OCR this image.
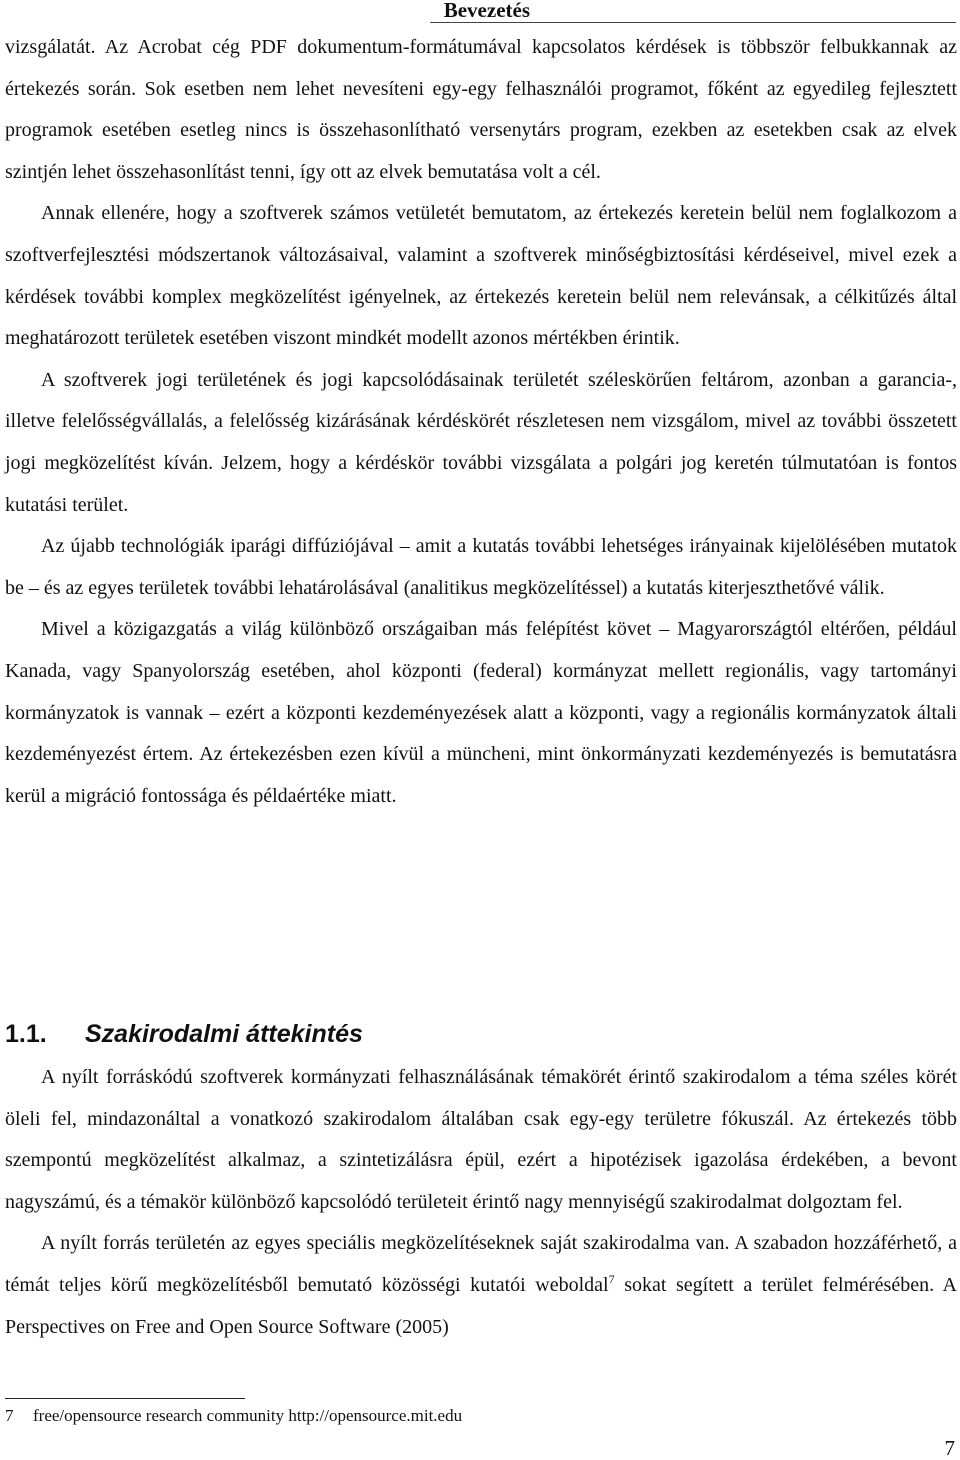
Bevezetés

vizsgálatát. Az Acrobat cég PDF dokumentum-formátumával kapcsolatos kérdések is többször felbukkannak az értekezés során. Sok esetben nem lehet nevesíteni egy-egy felhasználói programot, főként az egyedileg fejlesztett programok esetében esetleg nincs is összehasonlítható versenytárs program, ezekben az esetekben csak az elvek szintjén lehet összehasonlítást tenni, így ott az elvek bemutatása volt a cél.

Annak ellenére, hogy a szoftverek számos vetületét bemutatom, az értekezés keretein belül nem foglalkozom a szoftverfejlesztési módszertanok változásaival, valamint a szoftverek minőségbiztosítási kérdéseivel, mivel ezek a kérdések további komplex megközelítést igényelnek, az értekezés keretein belül nem relevánsak, a célkitűzés által meghatározott területek esetében viszont mindkét modellt azonos mértékben érintik.

A szoftverek jogi területének és jogi kapcsolódásainak területét széleskörűen feltárom, azonban a garancia-, illetve felelősségvállalás, a felelősség kizárásának kérdéskörét részletesen nem vizsgálom, mivel az további összetett jogi megközelítést kíván. Jelzem, hogy a kérdéskör további vizsgálata a polgári jog keretén túlmutatóan is fontos kutatási terület.

Az újabb technológiák iparági diffúziójával – amit a kutatás további lehetséges irányainak kijelölésében mutatok be – és az egyes területek további lehatárolásával (analitikus megközelítéssel) a kutatás kiterjeszthetővé válik.

Mivel a közigazgatás a világ különböző országaiban más felépítést követ – Magyarországtól eltérően, például Kanada, vagy Spanyolország esetében, ahol központi (federal) kormányzat mellett regionális, vagy tartományi kormányzatok is vannak – ezért a központi kezdeményezések alatt a központi, vagy a regionális kormányzatok általi kezdeményezést értem. Az értekezésben ezen kívül a müncheni, mint önkormányzati kezdeményezés is bemutatásra kerül a migráció fontossága és példaértéke miatt.

1.1. Szakirodalmi áttekintés

A nyílt forráskódú szoftverek kormányzati felhasználásának témakörét érintő szakirodalom a téma széles körét öleli fel, mindazonáltal a vonatkozó szakirodalom általában csak egy-egy területre fókuszál. Az értekezés több szempontú megközelítést alkalmaz, a szintetizálásra épül, ezért a hipotézisek igazolása érdekében, a bevont nagyszámú, és a témakör különböző kapcsolódó területeit érintő nagy mennyiségű szakirodalmat dolgoztam fel.

A nyílt forrás területén az egyes speciális megközelítéseknek saját szakirodalma van. A szabadon hozzáférhető, a témát teljes körű megközelítésből bemutató közösségi kutatói weboldal$^7$ sokat segített a terület felmérésében. A Perspectives on Free and Open Source Software (2005)

7 free/opensource research community http://opensource.mit.edu
7
